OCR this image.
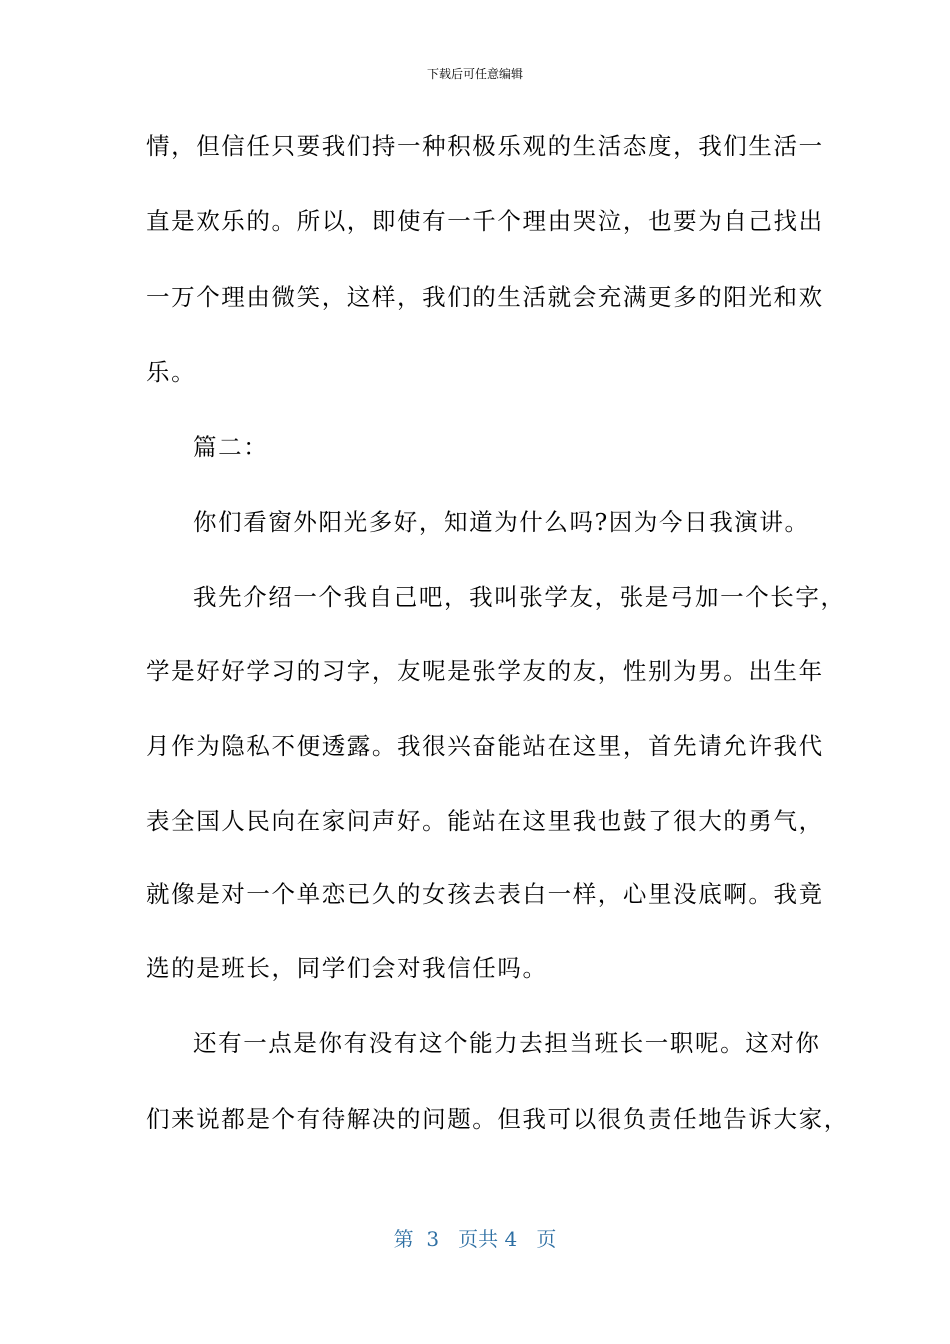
下载后可任意编辑
情，但信任只要我们持一种积极乐观的生活态度，我们生活一
直是欢乐的。所以，即使有一千个理由哭泣，也要为自己找出
一万个理由微笑，这样，我们的生活就会充满更多的阳光和欢
乐。
篇二：
你们看窗外阳光多好，知道为什么吗?因为今日我演讲。
我先介绍一个我自己吧，我叫张学友，张是弓加一个长字，
学是好好学习的习字，友呢是张学友的友，性别为男。出生年
月作为隐私不便透露。我很兴奋能站在这里，首先请允许我代
表全国人民向在家问声好。能站在这里我也鼓了很大的勇气，
就像是对一个单恋已久的女孩去表白一样，心里没底啊。我竟
选的是班长，同学们会对我信任吗。
还有一点是你有没有这个能力去担当班长一职呢。这对你
们来说都是个有待解决的问题。但我可以很负责任地告诉大家，
第 3 页共 4 页
